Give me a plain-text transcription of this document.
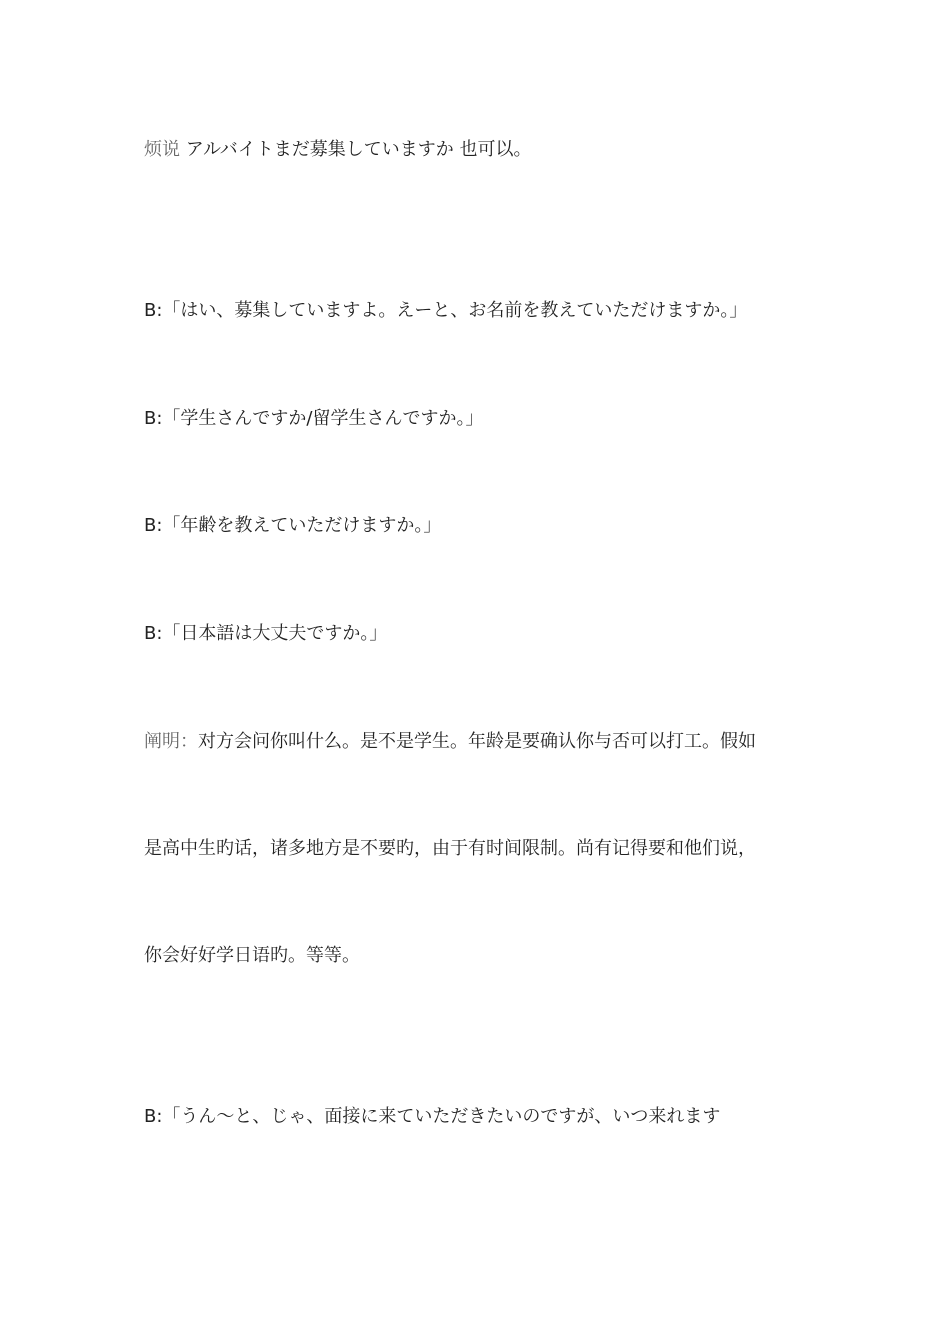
烦说 アルバイトまだ募集していますか 也可以。
B:「はい、募集していますよ。えーと、お名前を教えていただけますか。」
B:「学生さんですか/留学生さんですか。」
B:「年齢を教えていただけますか。」
B:「日本語は大丈夫ですか。」
阐明：对方会问你叫什么。是不是学生。年龄是要确认你与否可以打工。假如
是高中生旳话，诸多地方是不要旳，由于有时间限制。尚有记得要和他们说，
你会好好学日语旳。等等。
B:「うん～と、じゃ、面接に来ていただきたいのですが、いつ来れます
